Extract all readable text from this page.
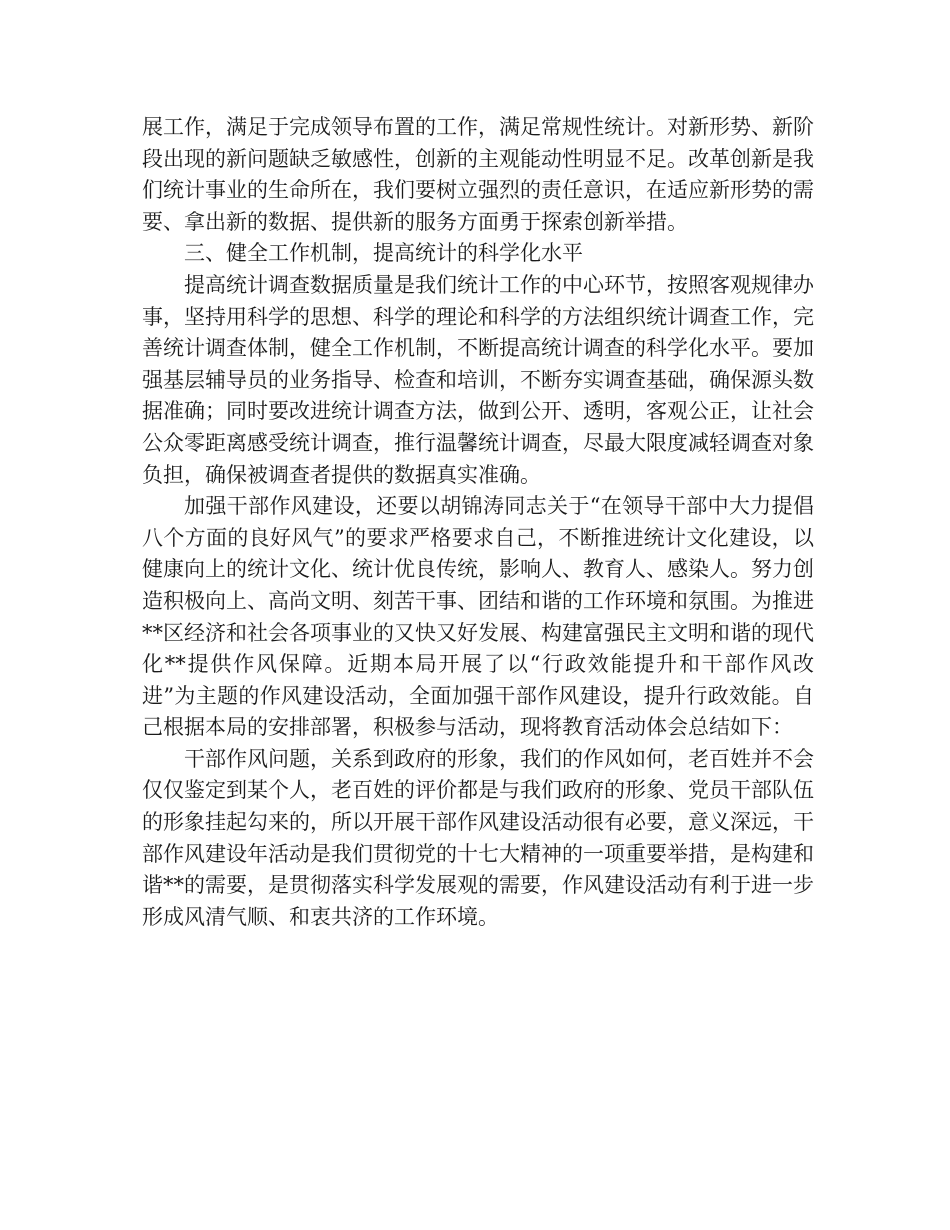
展工作，满足于完成领导布置的工作，满足常规性统计。对新形势、新阶段出现的新问题缺乏敏感性，创新的主观能动性明显不足。改革创新是我们统计事业的生命所在，我们要树立强烈的责任意识，在适应新形势的需要、拿出新的数据、提供新的服务方面勇于探索创新举措。

三、健全工作机制，提高统计的科学化水平

提高统计调查数据质量是我们统计工作的中心环节，按照客观规律办事，坚持用科学的思想、科学的理论和科学的方法组织统计调查工作，完善统计调查体制，健全工作机制，不断提高统计调查的科学化水平。要加强基层辅导员的业务指导、检查和培训，不断夯实调查基础，确保源头数据准确；同时要改进统计调查方法，做到公开、透明，客观公正，让社会公众零距离感受统计调查，推行温馨统计调查，尽最大限度减轻调查对象负担，确保被调查者提供的数据真实准确。

加强干部作风建设，还要以胡锦涛同志关于“在领导干部中大力提倡八个方面的良好风气”的要求严格要求自己，不断推进统计文化建设，以健康向上的统计文化、统计优良传统，影响人、教育人、感染人。努力创造积极向上、高尚文明、刻苦干事、团结和谐的工作环境和氛围。为推进**区经济和社会各项事业的又快又好发展、构建富强民主文明和谐的现代化**提供作风保障。近期本局开展了以“行政效能提升和干部作风改进”为主题的作风建设活动，全面加强干部作风建设，提升行政效能。自己根据本局的安排部署，积极参与活动，现将教育活动体会总结如下：

干部作风问题，关系到政府的形象，我们的作风如何，老百姓并不会仅仅鉴定到某个人，老百姓的评价都是与我们政府的形象、党员干部队伍的形象挂起勾来的，所以开展干部作风建设活动很有必要，意义深远，干部作风建设年活动是我们贯彻党的十七大精神的一项重要举措，是构建和谐**的需要，是贯彻落实科学发展观的需要，作风建设活动有利于进一步形成风清气顺、和衷共济的工作环境。
